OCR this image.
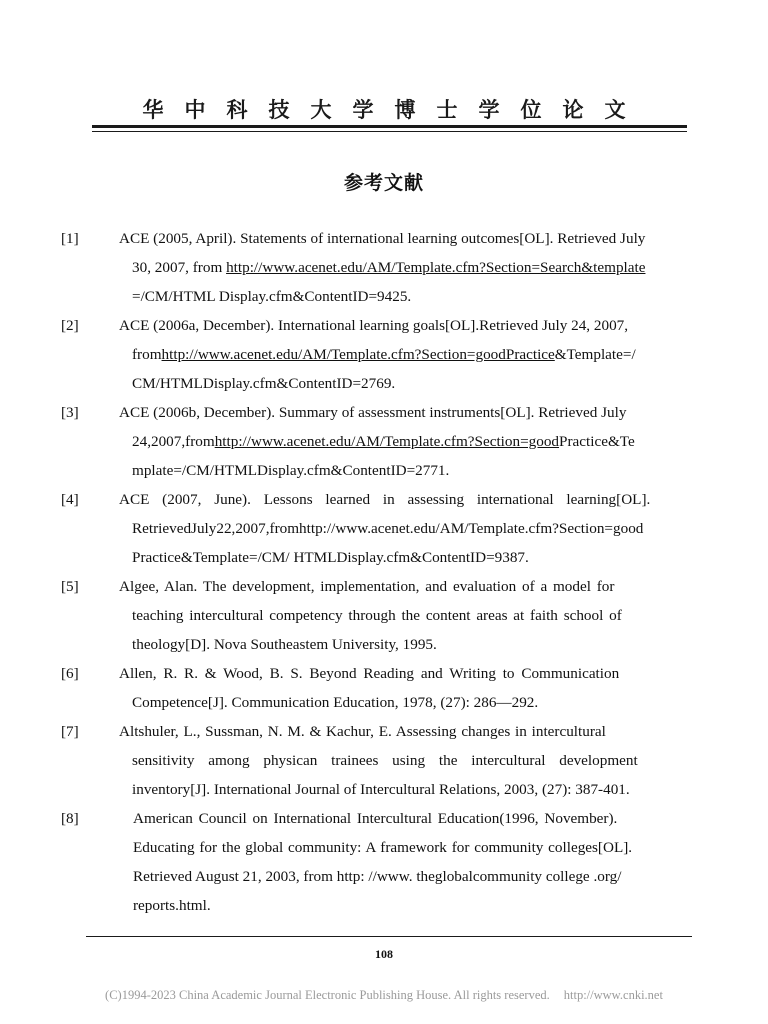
华中科技大学博士学位论文
参考文献
[1]	ACE (2005, April). Statements of international learning outcomes[OL]. Retrieved July
30, 2007, from http://www.acenet.edu/AM/Template.cfm?Section=Search&template
=/CM/HTML Display.cfm&ContentID=9425.
[2]	ACE (2006a, December). International learning goals[OL].Retrieved July 24, 2007,
fromhttp://www.acenet.edu/AM/Template.cfm?Section=goodPractice&Template=/
CM/HTMLDisplay.cfm&ContentID=2769.
[3]	ACE (2006b, December). Summary of assessment instruments[OL]. Retrieved July
24,2007,fromhttp://www.acenet.edu/AM/Template.cfm?Section=goodPractice&Te
mplate=/CM/HTMLDisplay.cfm&ContentID=2771.
[4]	ACE (2007, June). Lessons learned in assessing international learning[OL].
RetrievedJuly22,2007,fromhttp://www.acenet.edu/AM/Template.cfm?Section=good
Practice&Template=/CM/ HTMLDisplay.cfm&ContentID=9387.
[5]	Algee, Alan. The development, implementation, and evaluation of a model for
teaching intercultural competency through the content areas at faith school of
theology[D]. Nova Southeastem University, 1995.
[6]	Allen, R. R. & Wood, B. S. Beyond Reading and Writing to Communication
Competence[J]. Communication Education, 1978, (27): 286—292.
[7]	Altshuler, L., Sussman, N. M. & Kachur, E. Assessing changes in intercultural
sensitivity among physican trainees using the intercultural development
inventory[J]. International Journal of Intercultural Relations, 2003, (27): 387-401.
[8]	American Council on International Intercultural Education(1996, November).
Educating for the global community: A framework for community colleges[OL].
Retrieved August 21, 2003, from http: //www. theglobalcommunity college .org/
reports.html.
108
(C)1994-2023 China Academic Journal Electronic Publishing House. All rights reserved. http://www.cnki.net
